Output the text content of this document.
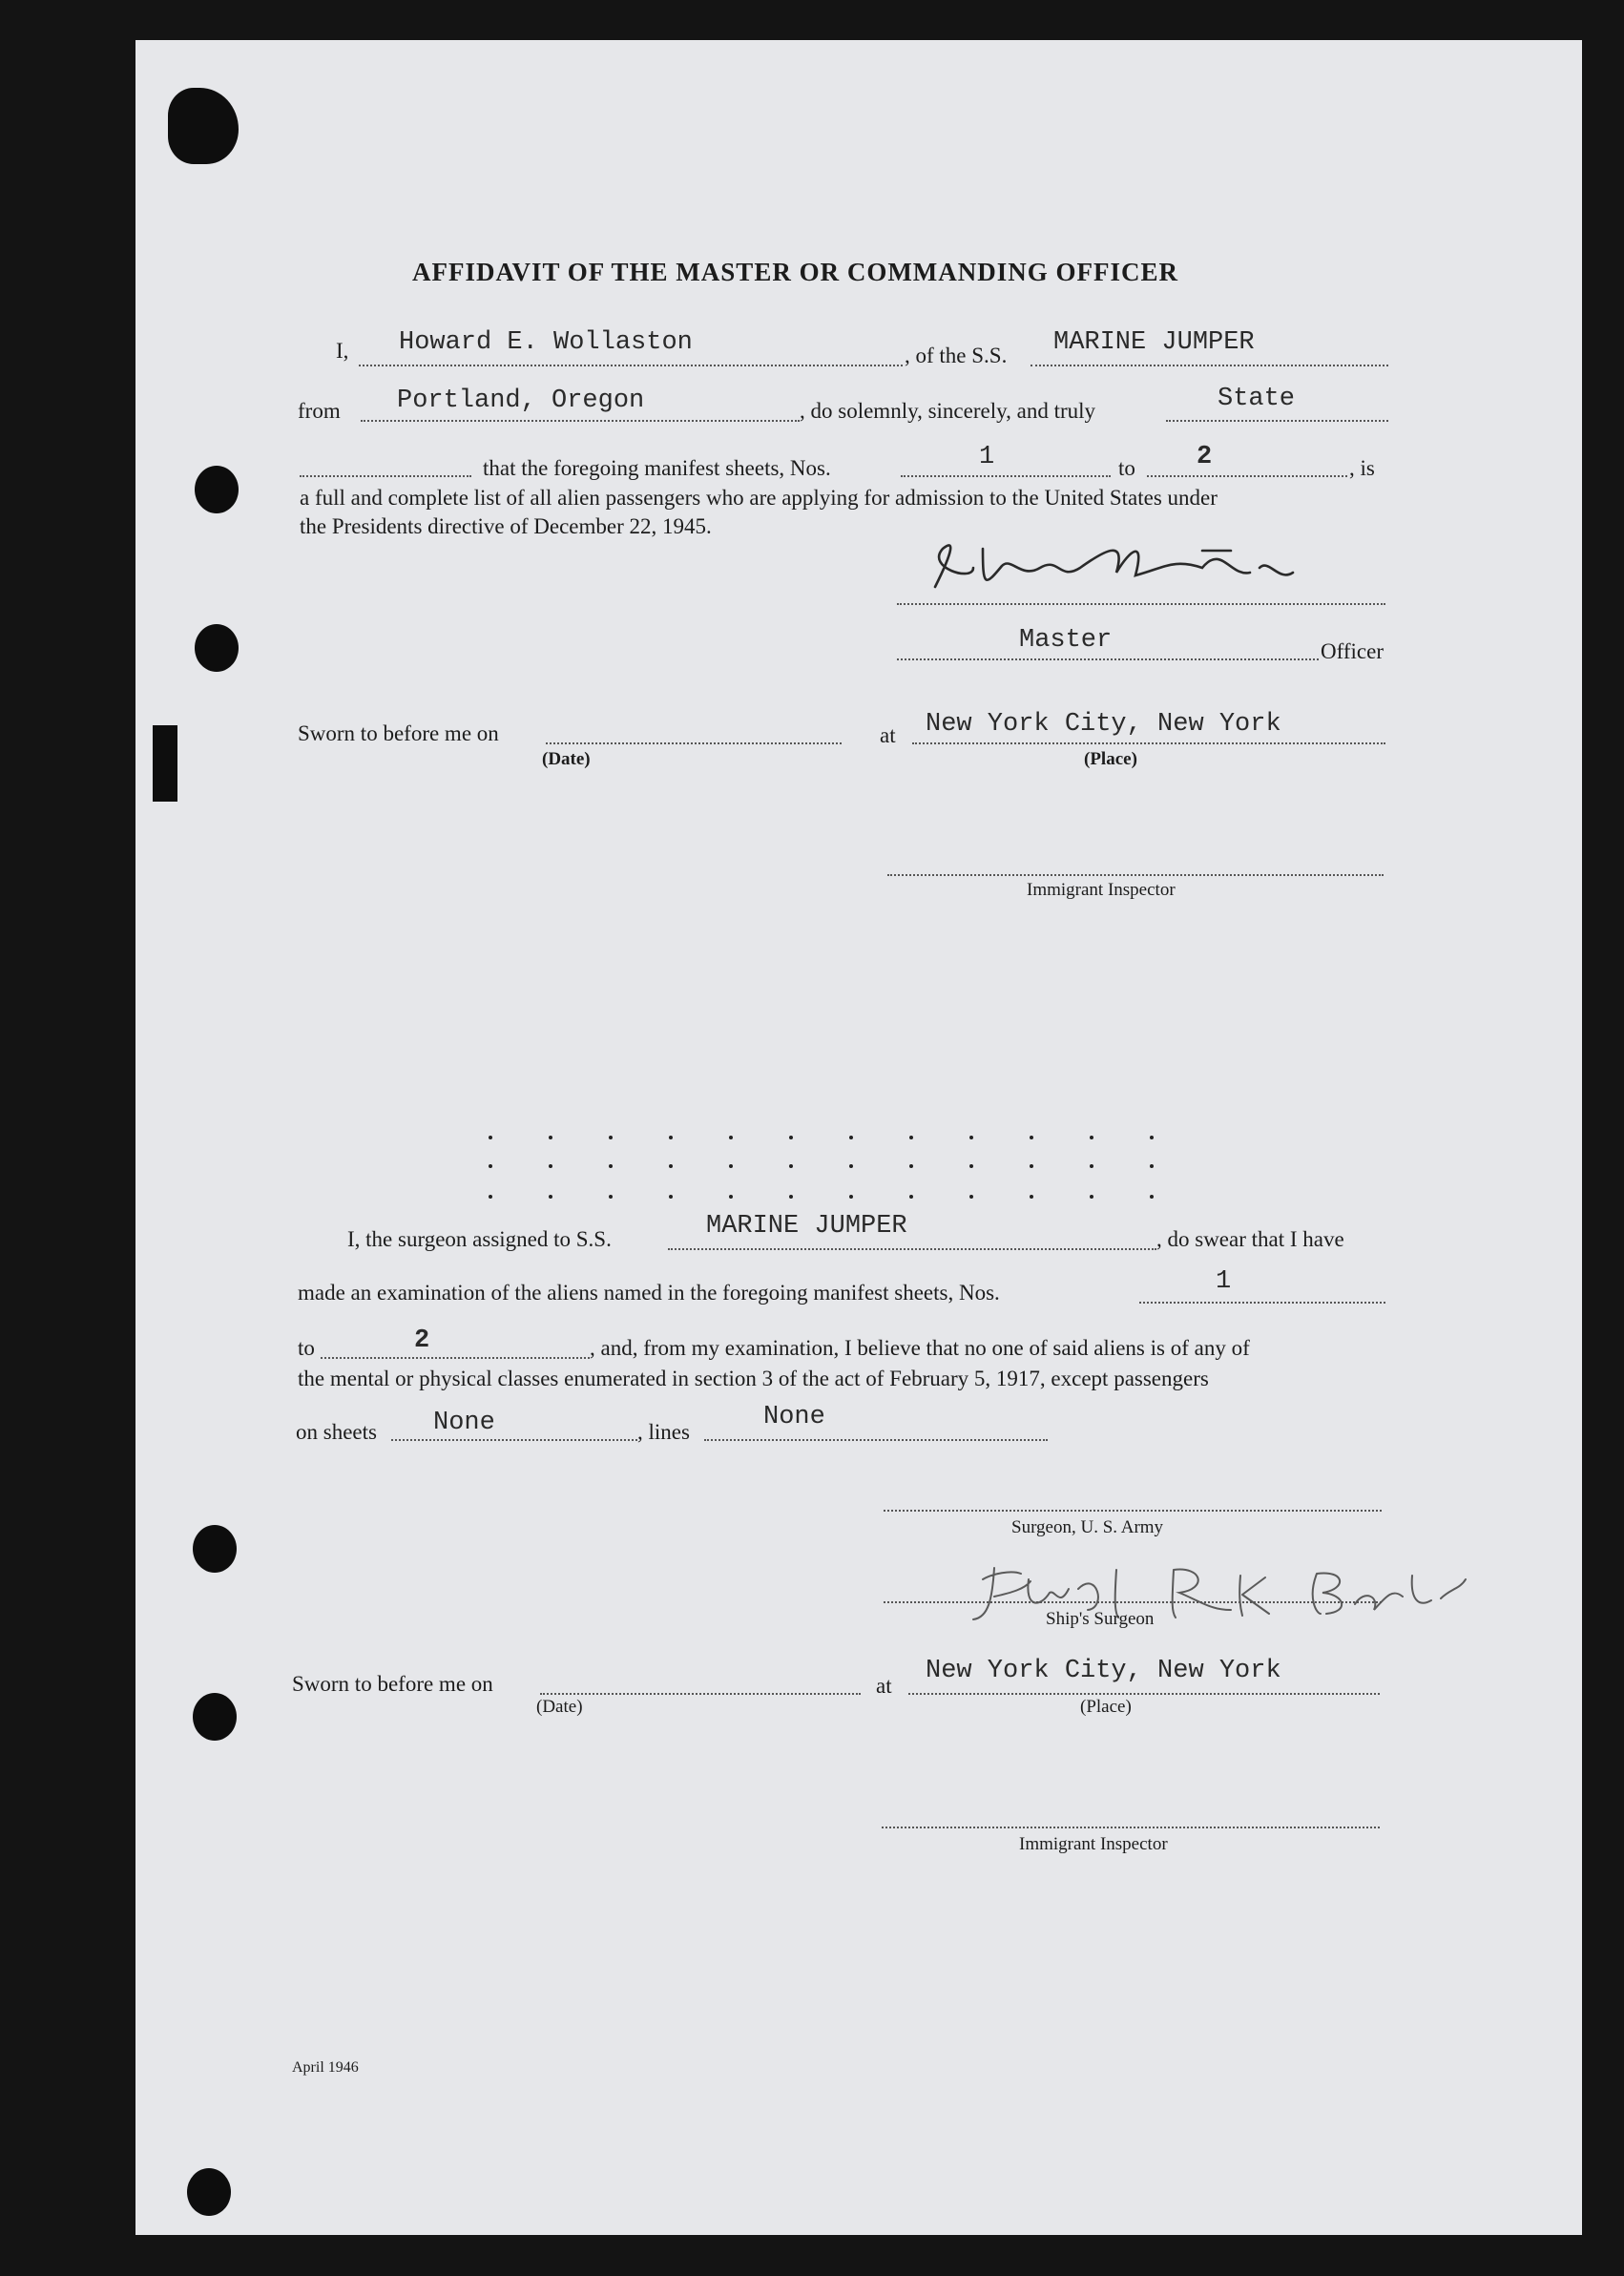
AFFIDAVIT OF THE MASTER OR COMMANDING OFFICER
I, Howard E. Wollaston	, of the S.S. MARINE JUMPER
from Portland, Oregon	, do solemnly, sincerely, and truly	State
that the foregoing manifest sheets, Nos.	1	to 2	, is
a full and complete list of all alien passengers who are applying for admission to the United States under
the Presidents directive of December 22, 1945.
Master	Officer
Sworn to before me on
(Date)
at New York City, New York
(Place)
Immigrant Inspector
I, the surgeon assigned to S.S.	MARINE JUMPER	, do swear that I have
made an examination of the aliens named in the foregoing manifest sheets, Nos.	1
to	2	, and, from my examination, I believe that no one of said aliens is of any of
the mental or physical classes enumerated in section 3 of the act of February 5, 1917, except passengers
on sheets None	, lines
None
Surgeon, U. S. Army
Ship's Surgeon
Sworn to before me on
(Date)
at
New York City, New York
(Place)
Immigrant Inspector
April 1946
